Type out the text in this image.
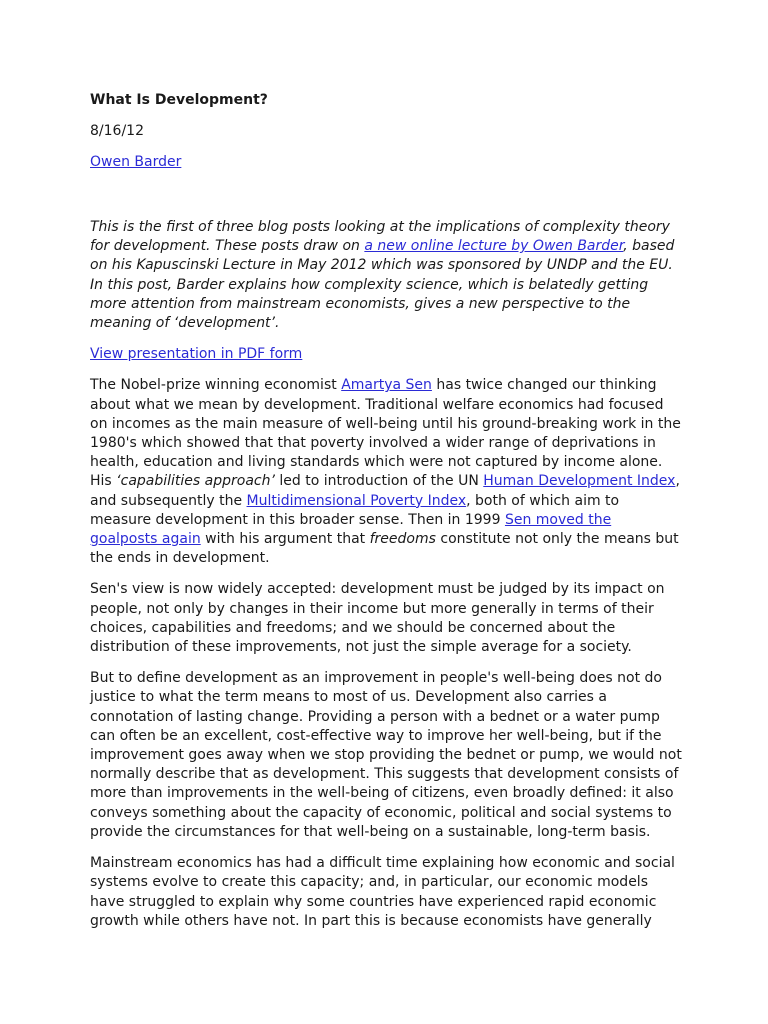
What Is Development?
8/16/12
Owen Barder

This is the first of three blog posts looking at the implications of complexity theory for development. These posts draw on a new online lecture by Owen Barder, based on his Kapuscinski Lecture in May 2012 which was sponsored by UNDP and the EU. In this post, Barder explains how complexity science, which is belatedly getting more attention from mainstream economists, gives a new perspective to the meaning of ‘development’.

View presentation in PDF form

The Nobel-prize winning economist Amartya Sen has twice changed our thinking about what we mean by development. Traditional welfare economics had focused on incomes as the main measure of well-being until his ground-breaking work in the 1980's which showed that that poverty involved a wider range of deprivations in health, education and living standards which were not captured by income alone. His ‘capabilities approach’ led to introduction of the UN Human Development Index, and subsequently the Multidimensional Poverty Index, both of which aim to measure development in this broader sense. Then in 1999 Sen moved the goalposts again with his argument that freedoms constitute not only the means but the ends in development.

Sen's view is now widely accepted: development must be judged by its impact on people, not only by changes in their income but more generally in terms of their choices, capabilities and freedoms; and we should be concerned about the distribution of these improvements, not just the simple average for a society.

But to define development as an improvement in people's well-being does not do justice to what the term means to most of us. Development also carries a connotation of lasting change. Providing a person with a bednet or a water pump can often be an excellent, cost-effective way to improve her well-being, but if the improvement goes away when we stop providing the bednet or pump, we would not normally describe that as development. This suggests that development consists of more than improvements in the well-being of citizens, even broadly defined: it also conveys something about the capacity of economic, political and social systems to provide the circumstances for that well-being on a sustainable, long-term basis.

Mainstream economics has had a difficult time explaining how economic and social systems evolve to create this capacity; and, in particular, our economic models have struggled to explain why some countries have experienced rapid economic growth while others have not. In part this is because economists have generally
